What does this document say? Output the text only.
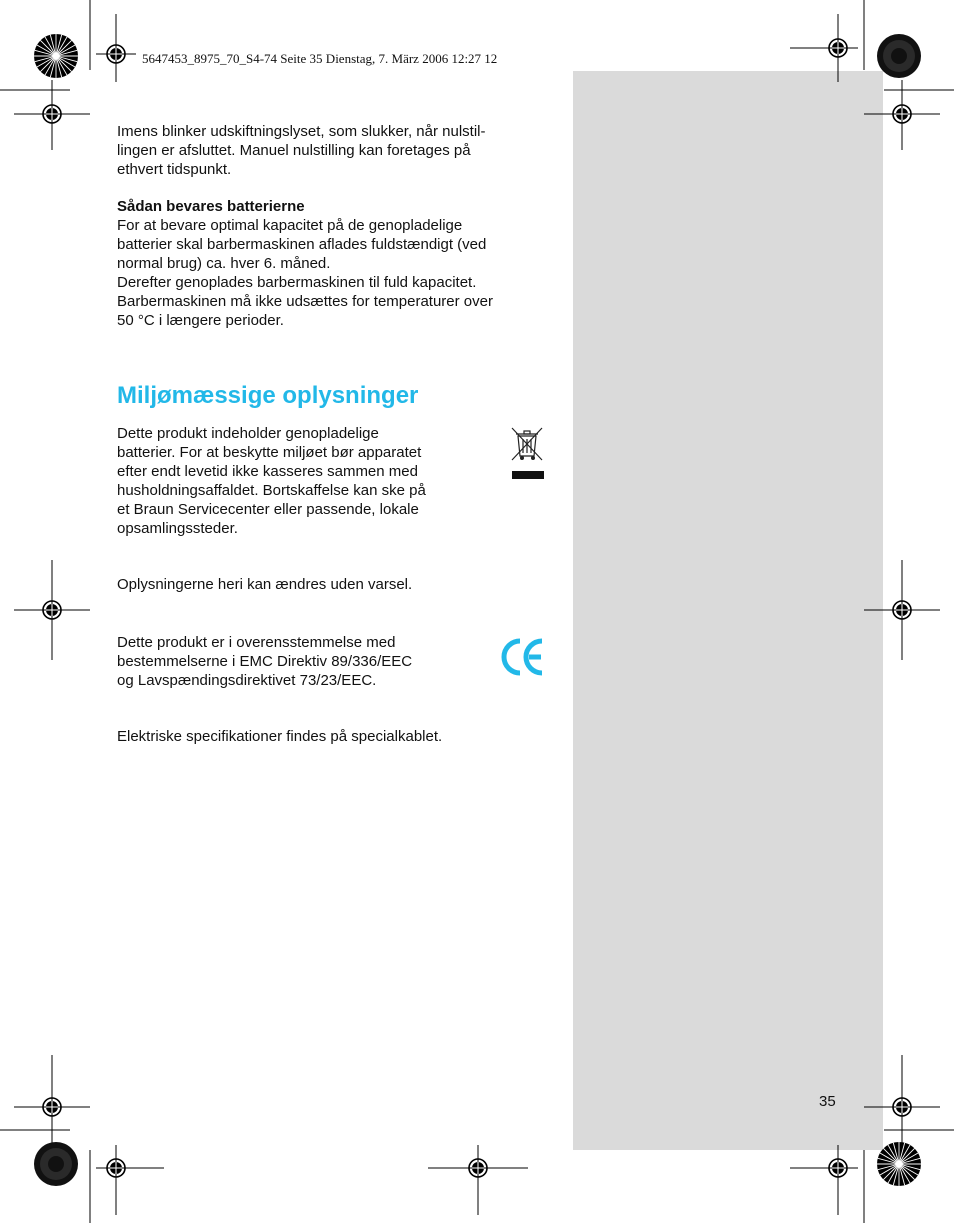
5647453_8975_70_S4-74 Seite 35 Dienstag, 7. März 2006 12:27 12

Imens blinker udskiftningslyset, som slukker, når nulstil-

lingen er afsluttet. Manuel nulstilling kan foretages på

ethvert tidspunkt.

Sådan bevares batterierne

For at bevare optimal kapacitet på de genopladelige

batterier skal barbermaskinen aflades fuldstændigt (ved

normal brug) ca. hver 6. måned.

Derefter genoplades barbermaskinen til fuld kapacitet.

Barbermaskinen må ikke udsættes for temperaturer over

50 °C i længere perioder.

Miljømæssige oplysninger

Dette produkt indeholder genopladelige

batterier. For at beskytte miljøet bør apparatet

efter endt levetid ikke kasseres sammen med

husholdningsaffaldet. Bortskaffelse kan ske på

et Braun Servicecenter eller passende, lokale

opsamlingssteder.

Oplysningerne heri kan ændres uden varsel.

Dette produkt er i overensstemmelse med

bestemmelserne i EMC Direktiv 89/336/EEC

og Lavspændingsdirektivet 73/23/EEC.

Elektriske specifikationer findes på specialkablet.

35
